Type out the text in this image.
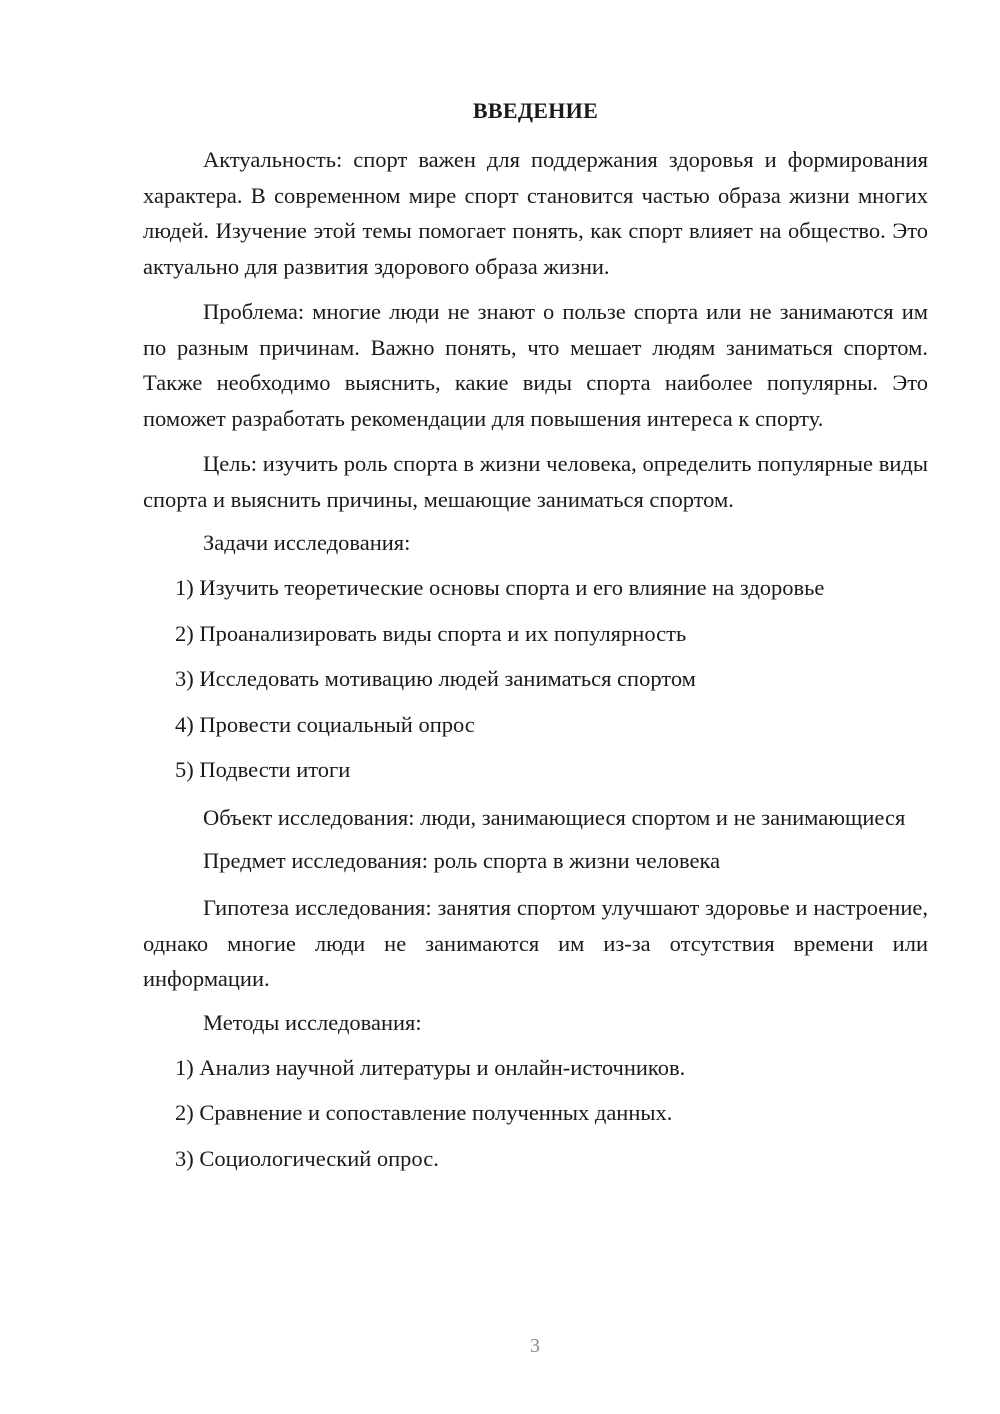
ВВЕДЕНИЕ

Актуальность: спорт важен для поддержания здоровья и формирования характера. В современном мире спорт становится частью образа жизни многих людей. Изучение этой темы помогает понять, как спорт влияет на общество. Это актуально для развития здорового образа жизни.

Проблема: многие люди не знают о пользе спорта или не занимаются им по разным причинам. Важно понять, что мешает людям заниматься спортом. Также необходимо выяснить, какие виды спорта наиболее популярны. Это поможет разработать рекомендации для повышения интереса к спорту.

Цель: изучить роль спорта в жизни человека, определить популярные виды спорта и выяснить причины, мешающие заниматься спортом.

Задачи исследования:
1) Изучить теоретические основы спорта и его влияние на здоровье
2) Проанализировать виды спорта и их популярность
3) Исследовать мотивацию людей заниматься спортом
4) Провести социальный опрос
5) Подвести итоги

Объект исследования: люди, занимающиеся спортом и не занимающиеся

Предмет исследования: роль спорта в жизни человека

Гипотеза исследования: занятия спортом улучшают здоровье и настроение, однако многие люди не занимаются им из-за отсутствия времени или информации.

Методы исследования:
1) Анализ научной литературы и онлайн-источников.
2) Сравнение и сопоставление полученных данных.
3) Социологический опрос.
3
